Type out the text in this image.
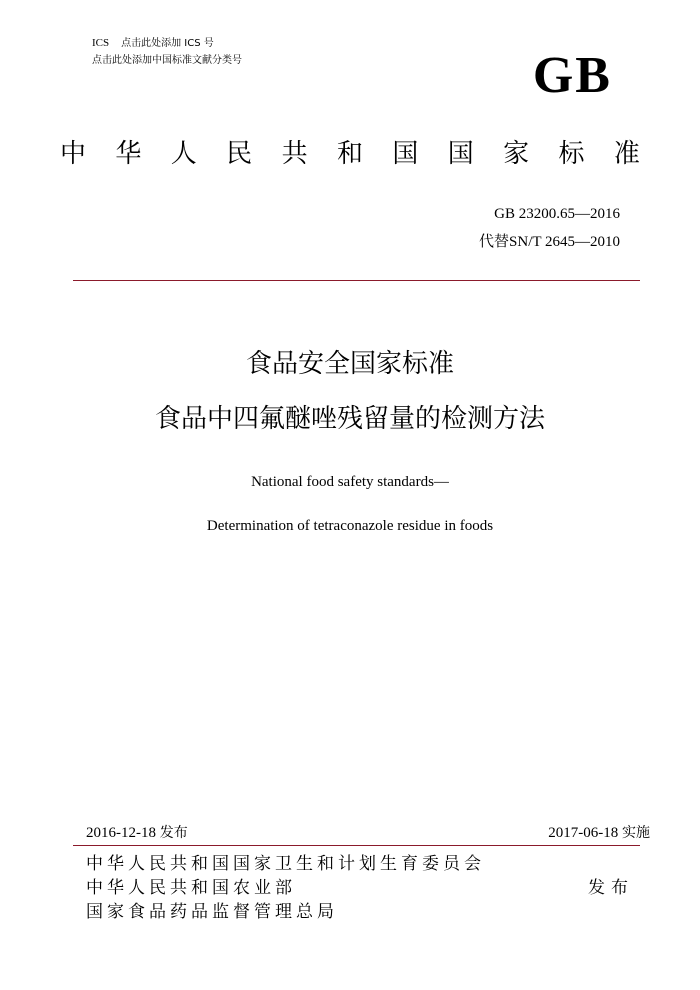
ICS 点击此处添加 ICS 号
点击此处添加中国标准文献分类号	GB
中 华 人 民 共 和 国 国 家 标 准
GB 23200.65—2016
代替SN/T 2645—2010
食品安全国家标准
食品中四氟醚唑残留量的检测方法
National food safety standards—
Determination of tetraconazole residue in foods
2016-12-18 发布	2017-06-18 实施
中华人民共和国国家卫生和计划生育委员会
中华人民共和国农业部
国家食品药品监督管理总局
发布
